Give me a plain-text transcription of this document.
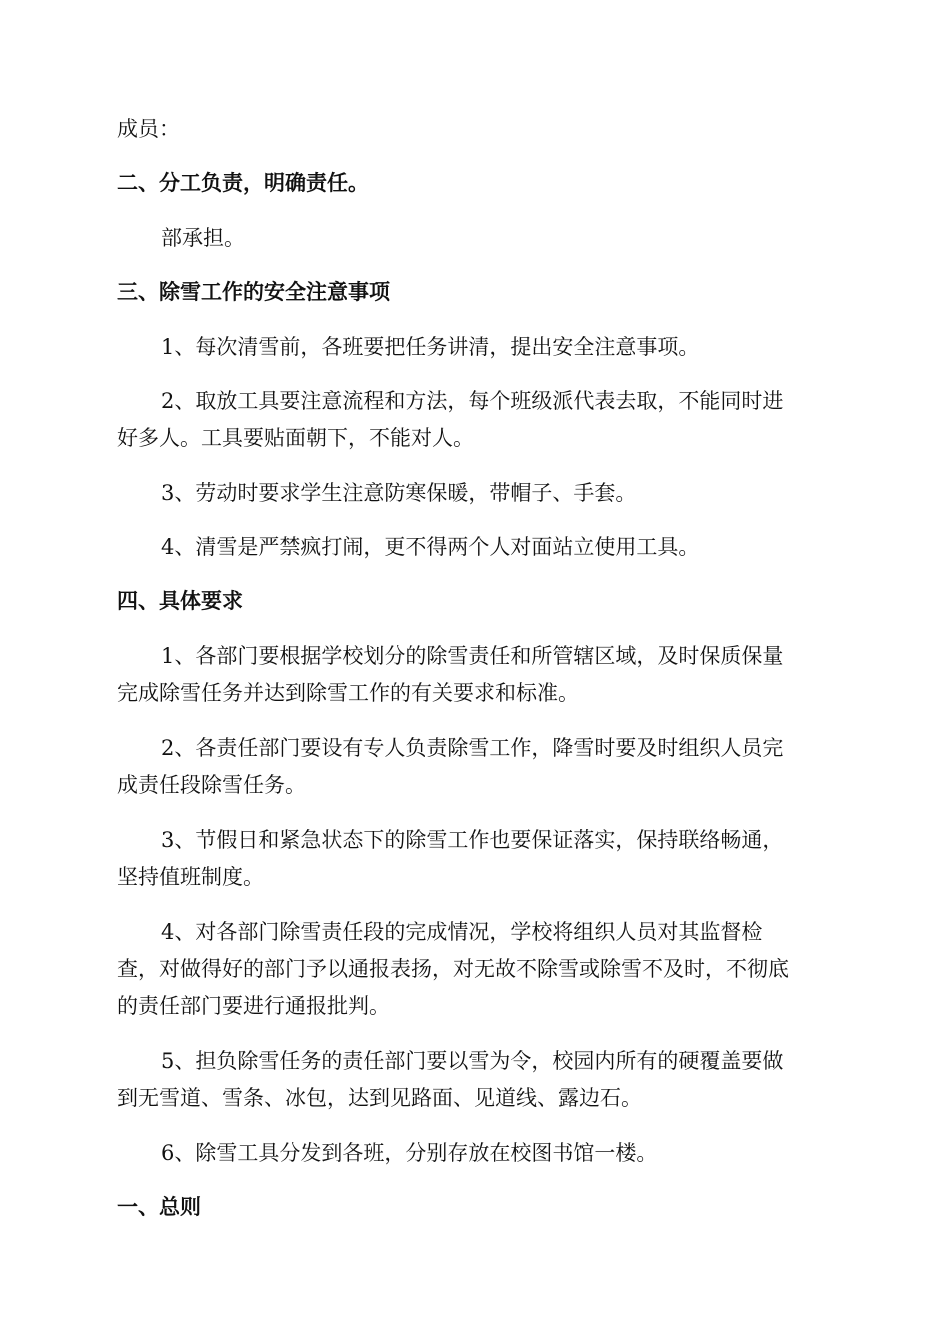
成员：
二、分工负责，明确责任。
部承担。
三、除雪工作的安全注意事项
1、每次清雪前，各班要把任务讲清，提出安全注意事项。
2、取放工具要注意流程和方法，每个班级派代表去取，不能同时进
好多人。工具要贴面朝下，不能对人。
3、劳动时要求学生注意防寒保暖，带帽子、手套。
4、清雪是严禁疯打闹，更不得两个人对面站立使用工具。
四、具体要求
1、各部门要根据学校划分的除雪责任和所管辖区域，及时保质保量
完成除雪任务并达到除雪工作的有关要求和标准。
2、各责任部门要设有专人负责除雪工作，降雪时要及时组织人员完
成责任段除雪任务。
3、节假日和紧急状态下的除雪工作也要保证落实，保持联络畅通，
坚持值班制度。
4、对各部门除雪责任段的完成情况，学校将组织人员对其监督检
查，对做得好的部门予以通报表扬，对无故不除雪或除雪不及时，不彻底
的责任部门要进行通报批判。
5、担负除雪任务的责任部门要以雪为令，校园内所有的硬覆盖要做
到无雪道、雪条、冰包，达到见路面、见道线、露边石。
6、除雪工具分发到各班，分别存放在校图书馆一楼。
一、总则
